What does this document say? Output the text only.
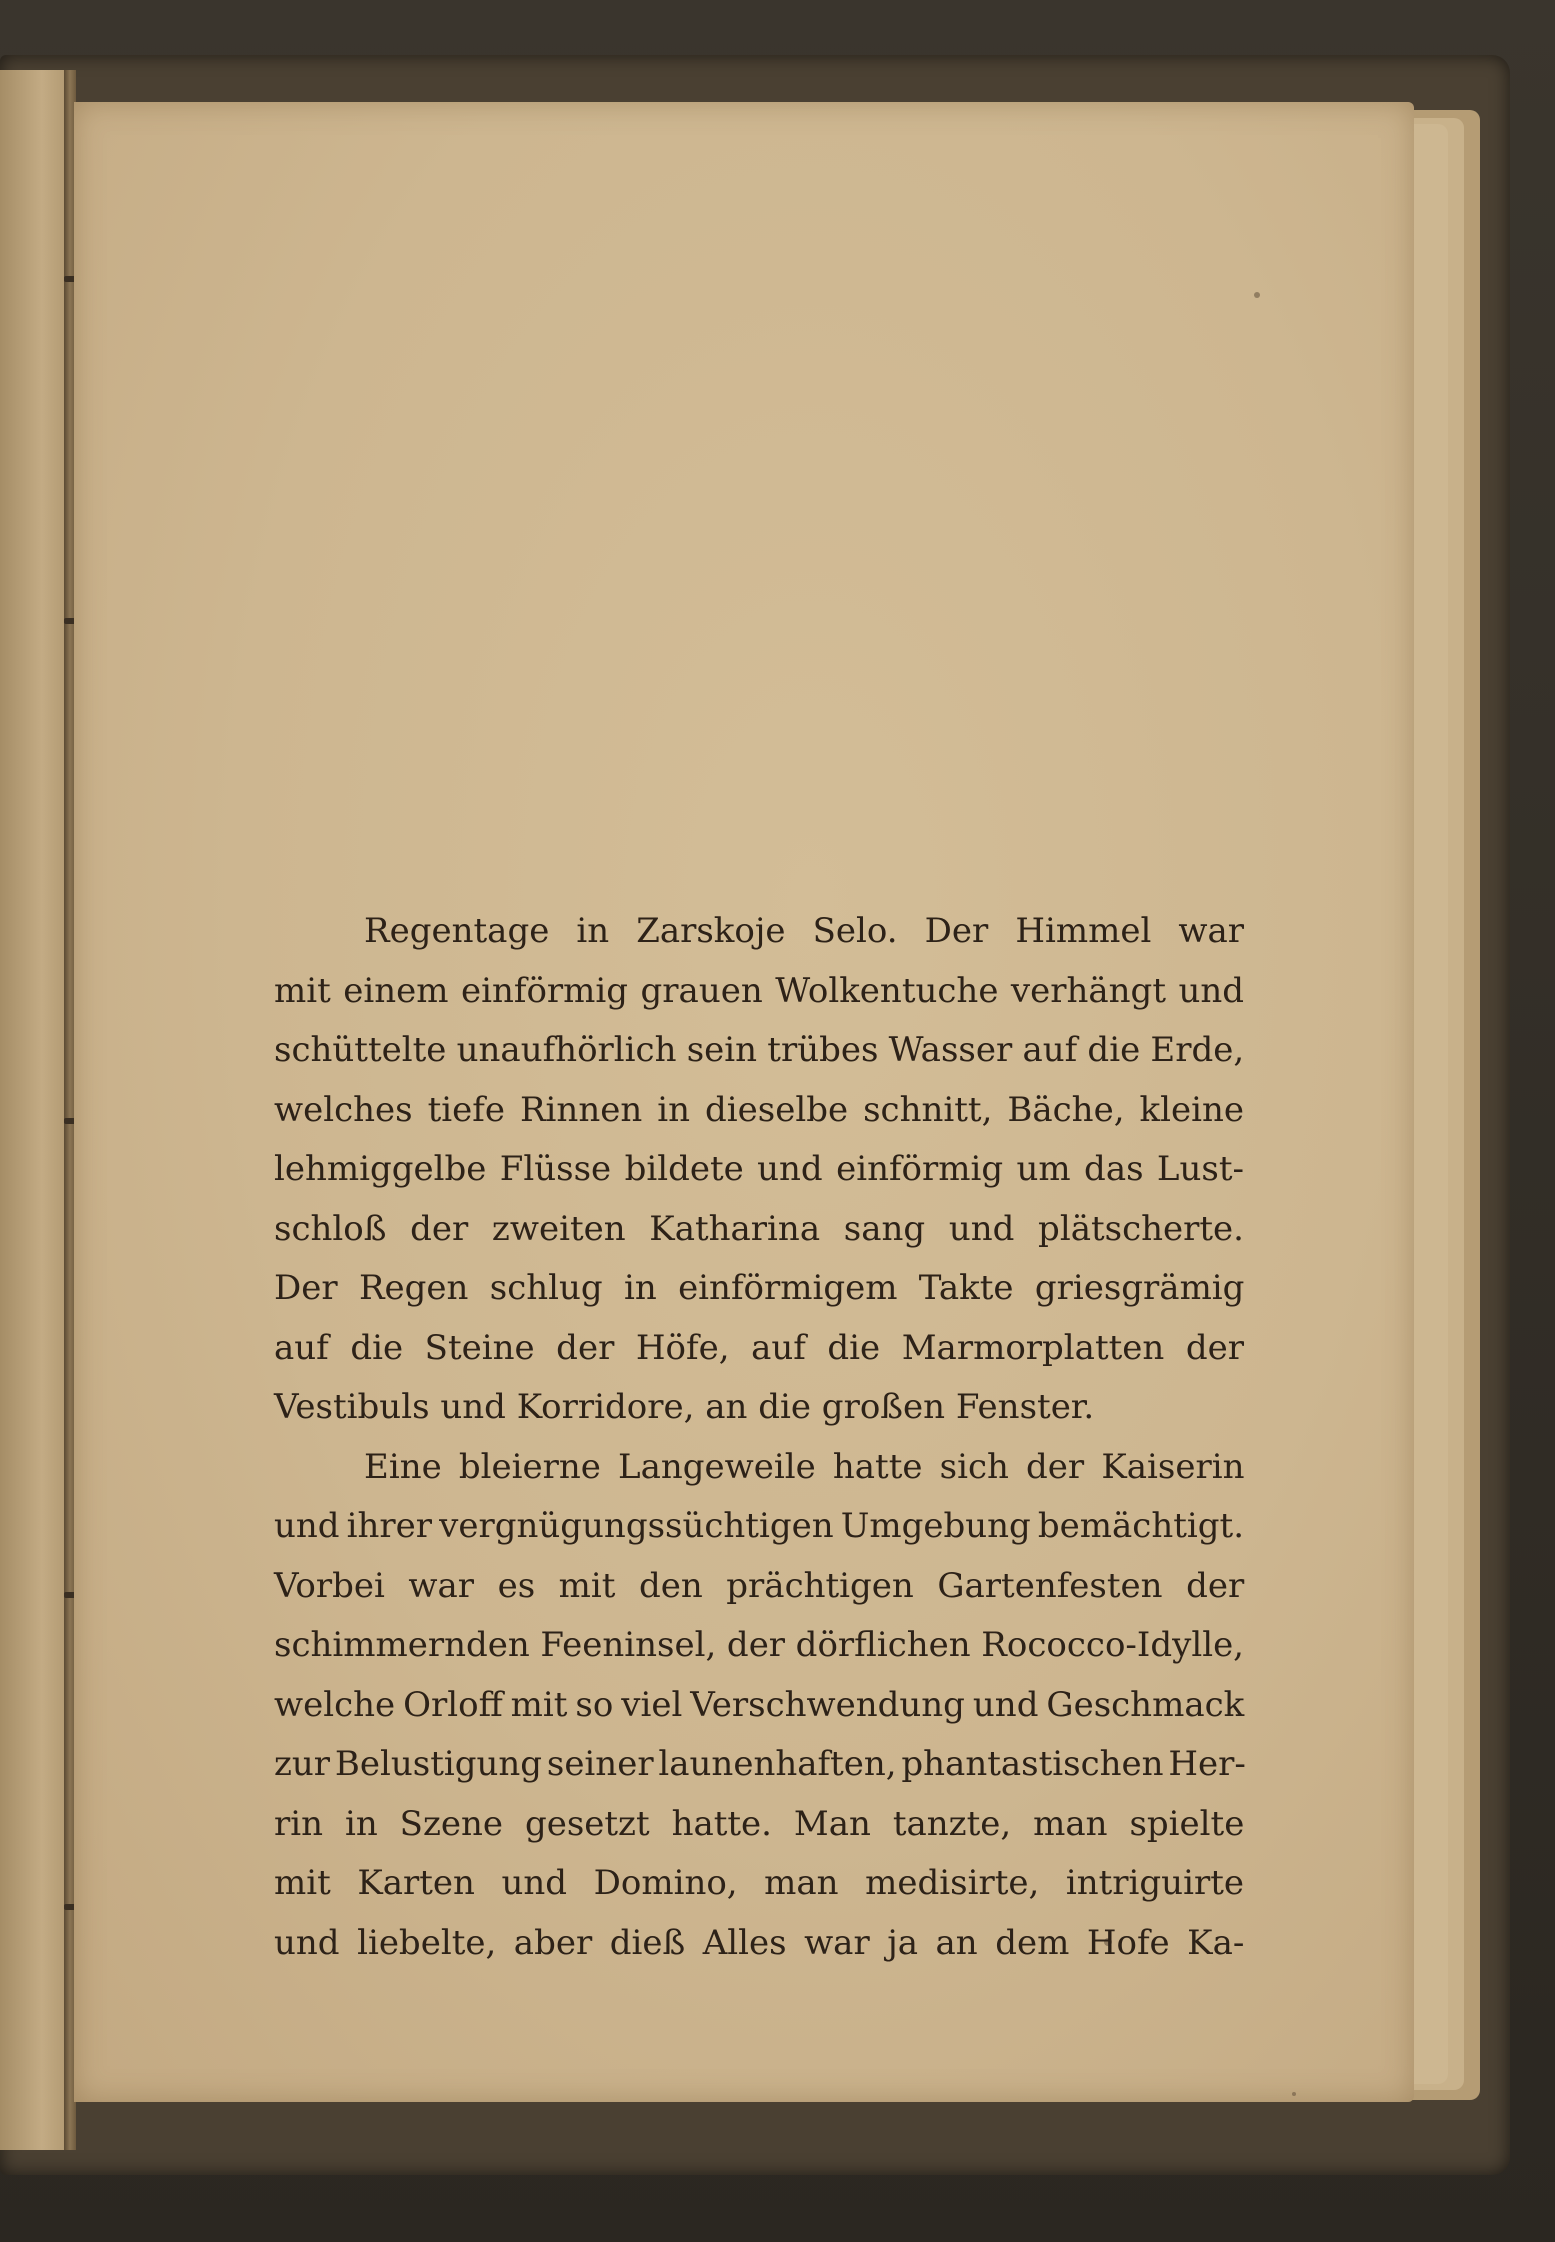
Regentage in Zarskoje Selo. Der Himmel war
mit einem einförmig grauen Wolkentuche verhängt und
schüttelte unaufhörlich sein trübes Wasser auf die Erde,
welches tiefe Rinnen in dieselbe schnitt, Bäche, kleine
lehmiggelbe Flüsse bildete und einförmig um das Lust-
schloß der zweiten Katharina sang und plätscherte.
Der Regen schlug in einförmigem Takte griesgrämig
auf die Steine der Höfe, auf die Marmorplatten der
Vestibuls und Korridore, an die großen Fenster.

Eine bleierne Langeweile hatte sich der Kaiserin
und ihrer vergnügungssüchtigen Umgebung bemächtigt.
Vorbei war es mit den prächtigen Gartenfesten der
schimmernden Feeninsel, der dörflichen Rococco-Idylle,
welche Orloff mit so viel Verschwendung und Geschmack
zur Belustigung seiner launenhaften, phantastischen Her-
rin in Szene gesetzt hatte. Man tanzte, man spielte
mit Karten und Domino, man medisirte, intriguirte
und liebelte, aber dieß Alles war ja an dem Hofe Ka-
